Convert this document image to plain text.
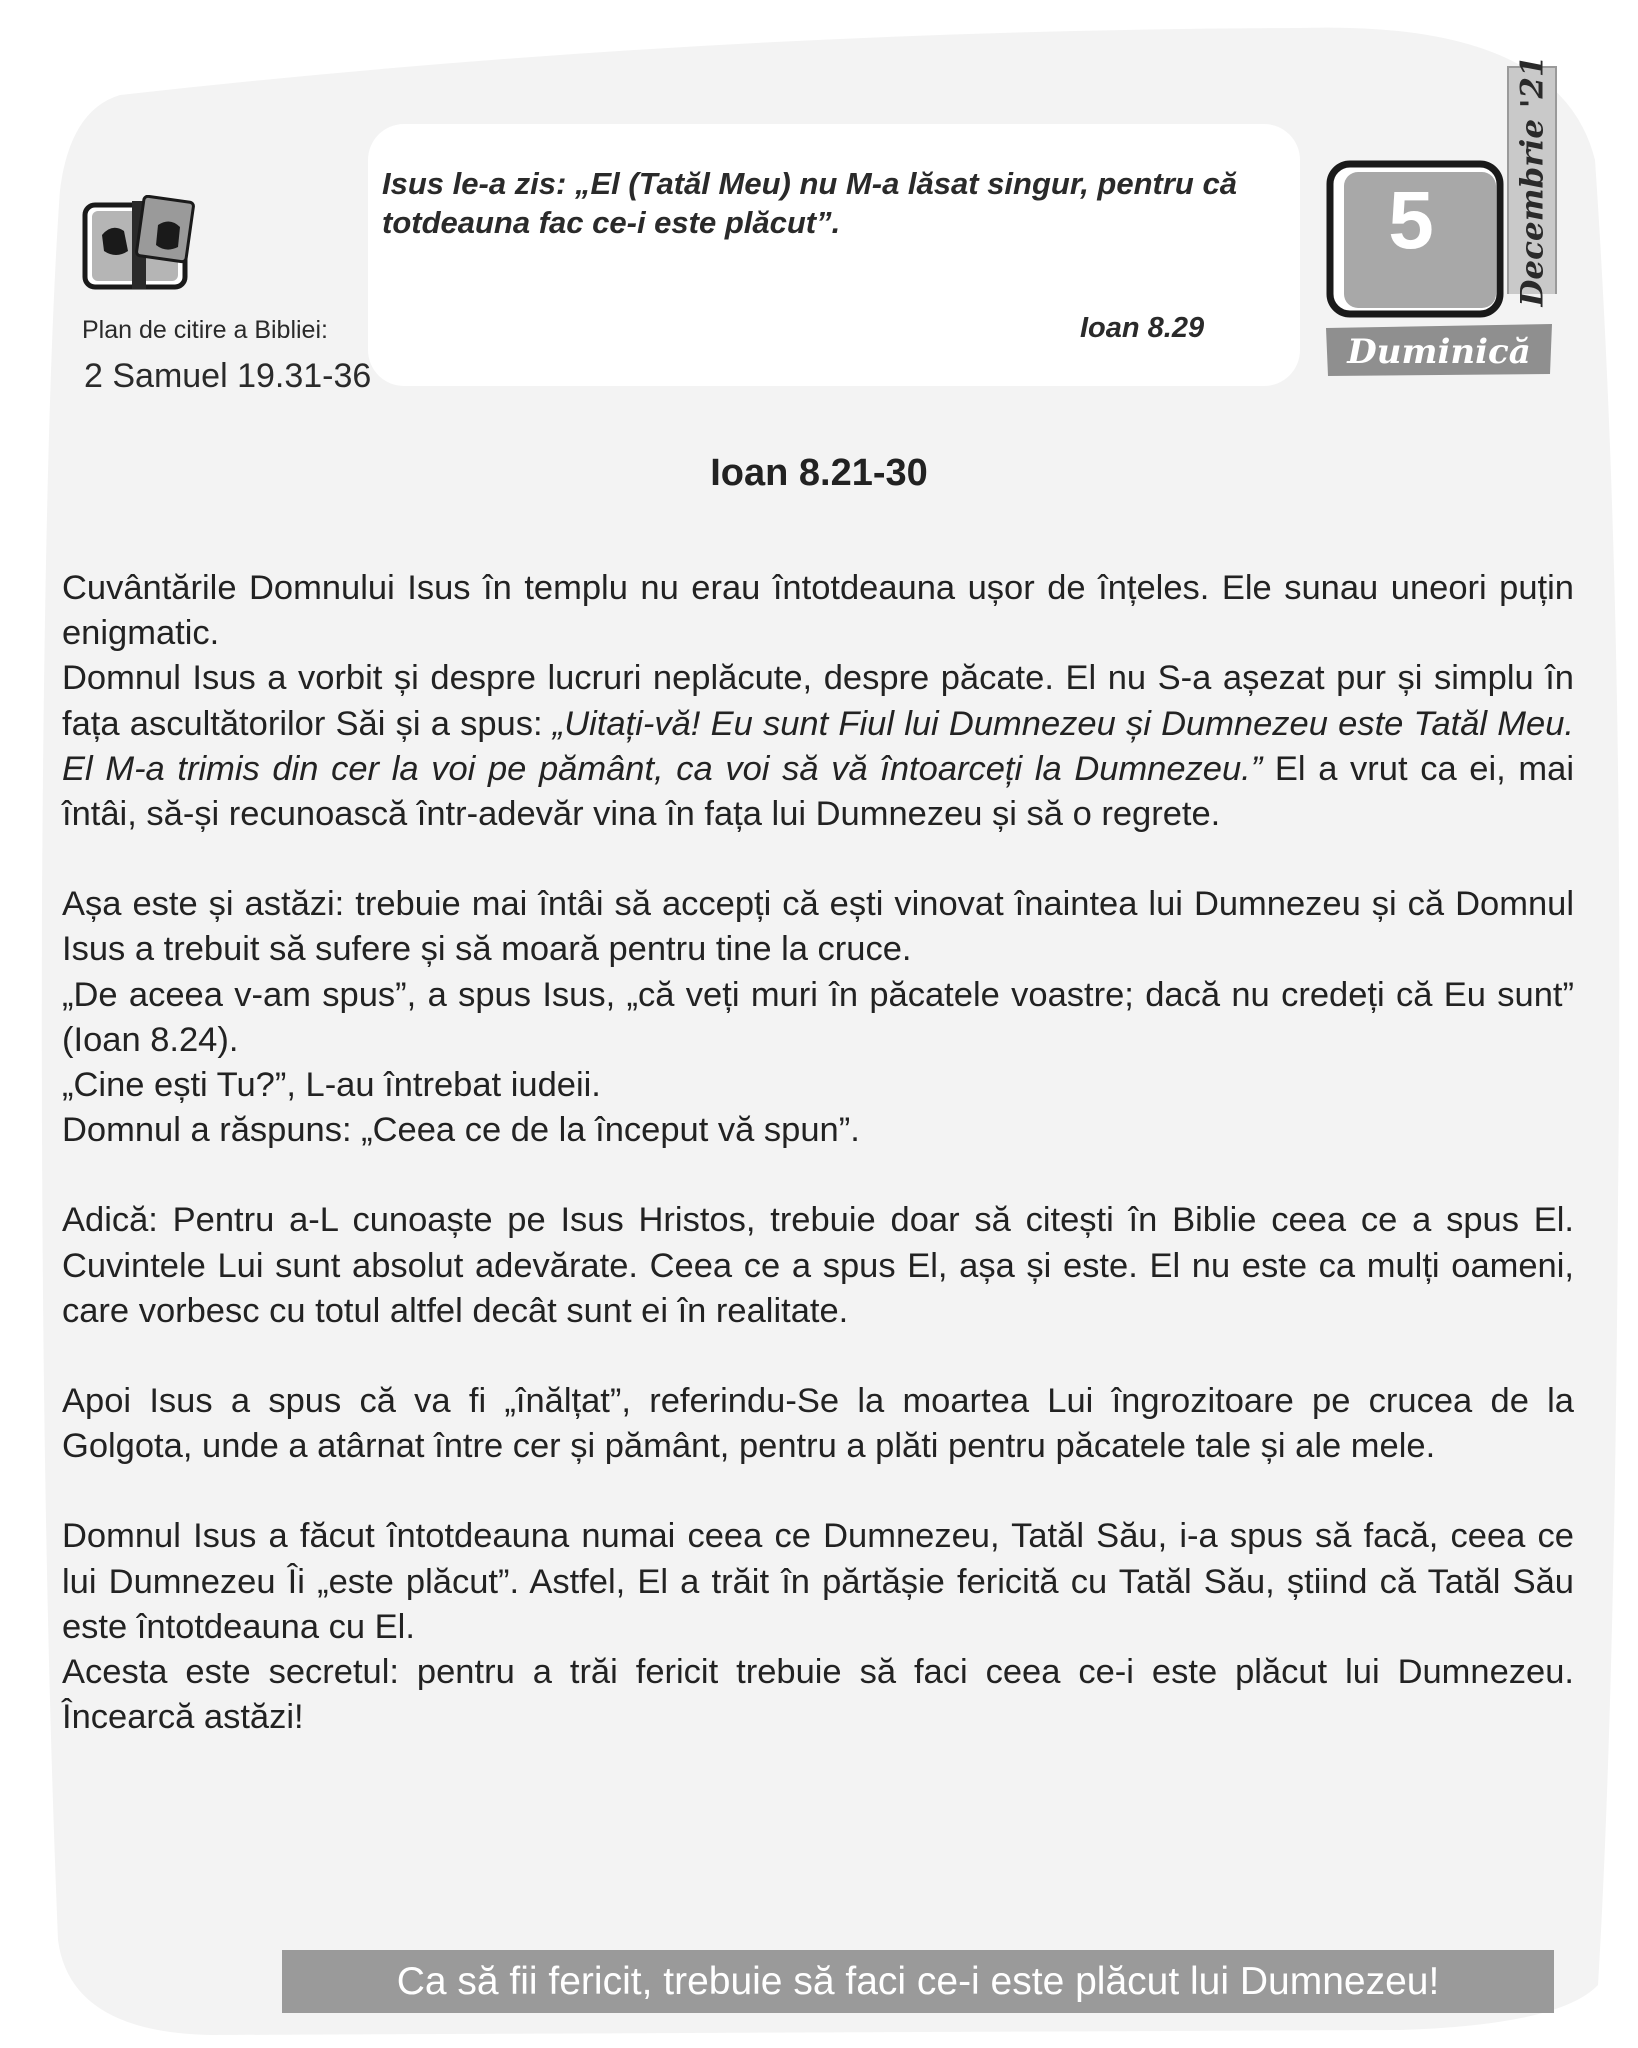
Isus le-a zis: „El (Tatăl Meu) nu M-a lăsat singur, pentru că totdeauna fac ce-i este plăcut”.

Ioan 8.29

Plan de citire a Bibliei:

2 Samuel 19.31-36

5	Decembrie '21
Duminică
Ioan 8.21-30

Cuvântările Domnului Isus în templu nu erau întotdeauna ușor de înțeles. Ele sunau uneori puțin enigmatic.

Domnul Isus a vorbit și despre lucruri neplăcute, despre păcate. El nu S-a așezat pur și simplu în fața ascultătorilor Săi și a spus: „Uitați-vă! Eu sunt Fiul lui Dumnezeu și Dumnezeu este Tatăl Meu. El M-a trimis din cer la voi pe pământ, ca voi să vă întoarceți la Dumnezeu.” El a vrut ca ei, mai întâi, să-și recunoască într-adevăr vina în fața lui Dumnezeu și să o regrete.

Așa este și astăzi: trebuie mai întâi să accepți că ești vinovat înaintea lui Dumnezeu și că Domnul Isus a trebuit să sufere și să moară pentru tine la cruce.

„De aceea v-am spus”, a spus Isus, „că veți muri în păcatele voastre; dacă nu credeți că Eu sunt” (Ioan 8.24).

„Cine ești Tu?”, L-au întrebat iudeii.

Domnul a răspuns: „Ceea ce de la început vă spun”.

Adică: Pentru a-L cunoaște pe Isus Hristos, trebuie doar să citești în Biblie ceea ce a spus El. Cuvintele Lui sunt absolut adevărate. Ceea ce a spus El, așa și este. El nu este ca mulți oameni, care vorbesc cu totul altfel decât sunt ei în realitate.

Apoi Isus a spus că va fi „înălțat”, referindu-Se la moartea Lui îngrozitoare pe crucea de la Golgota, unde a atârnat între cer și pământ, pentru a plăti pentru păcatele tale și ale mele.

Domnul Isus a făcut întotdeauna numai ceea ce Dumnezeu, Tatăl Său, i-a spus să facă, ceea ce lui Dumnezeu Îi „este plăcut”. Astfel, El a trăit în părtășie fericită cu Tatăl Său, știind că Tatăl Său este întotdeauna cu El.

Acesta este secretul: pentru a trăi fericit trebuie să faci ceea ce-i este plăcut lui Dumnezeu. Încearcă astăzi!

Ca să fii fericit, trebuie să faci ce-i este plăcut lui Dumnezeu!
